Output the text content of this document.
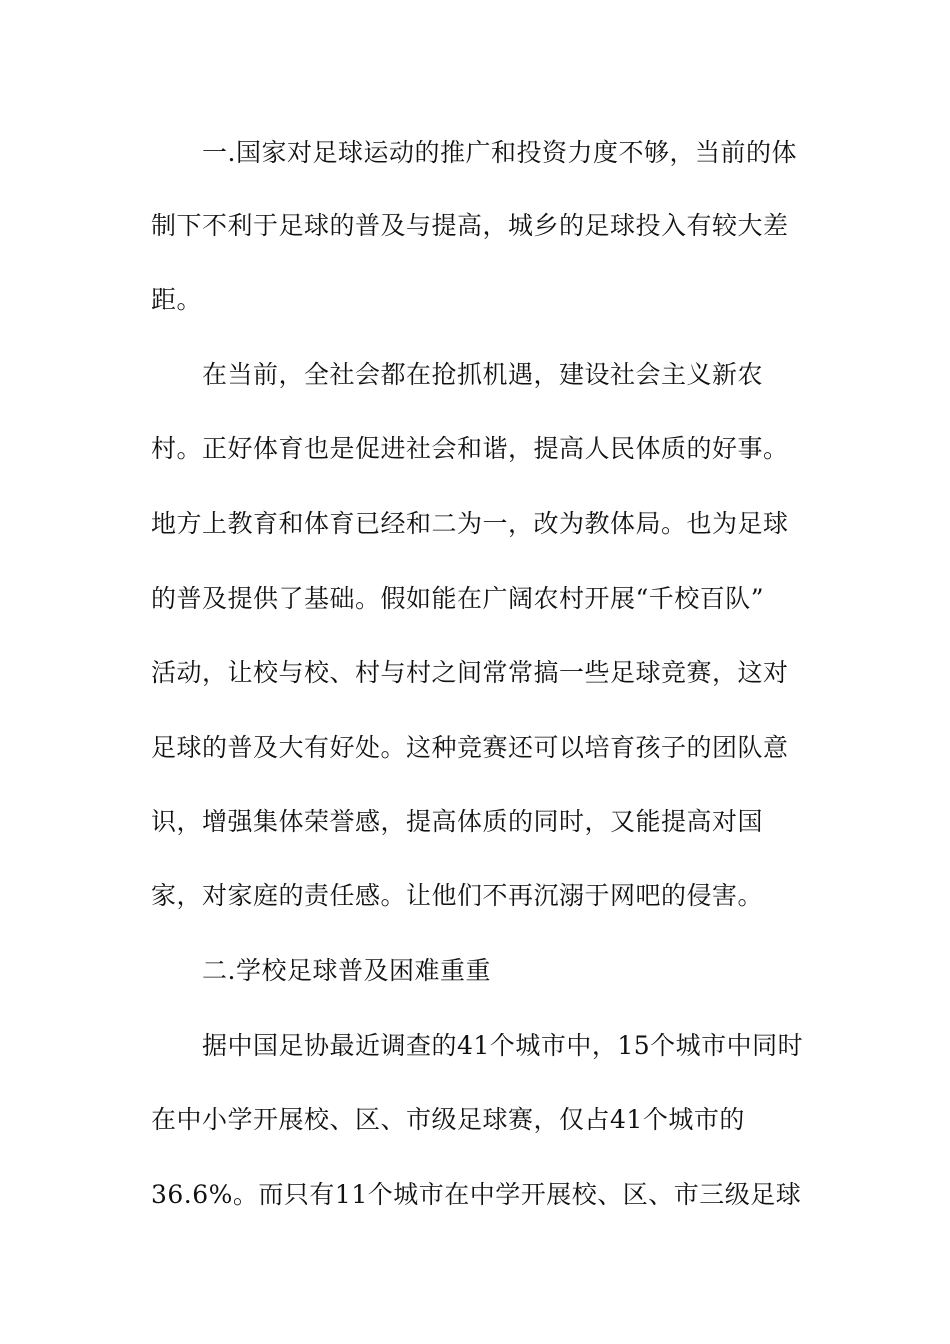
一.国家对足球运动的推广和投资力度不够，当前的体
制下不利于足球的普及与提高，城乡的足球投入有较大差
距。
在当前，全社会都在抢抓机遇，建设社会主义新农
村。正好体育也是促进社会和谐，提高人民体质的好事。
地方上教育和体育已经和二为一，改为教体局。也为足球
的普及提供了基础。假如能在广阔农村开展“千校百队”
活动，让校与校、村与村之间常常搞一些足球竞赛，这对
足球的普及大有好处。这种竞赛还可以培育孩子的团队意
识，增强集体荣誉感，提高体质的同时，又能提高对国
家，对家庭的责任感。让他们不再沉溺于网吧的侵害。
二.学校足球普及困难重重
据中国足协最近调查的41个城市中，15个城市中同时
在中小学开展校、区、市级足球赛，仅占41个城市的
36.6%。而只有11个城市在中学开展校、区、市三级足球
